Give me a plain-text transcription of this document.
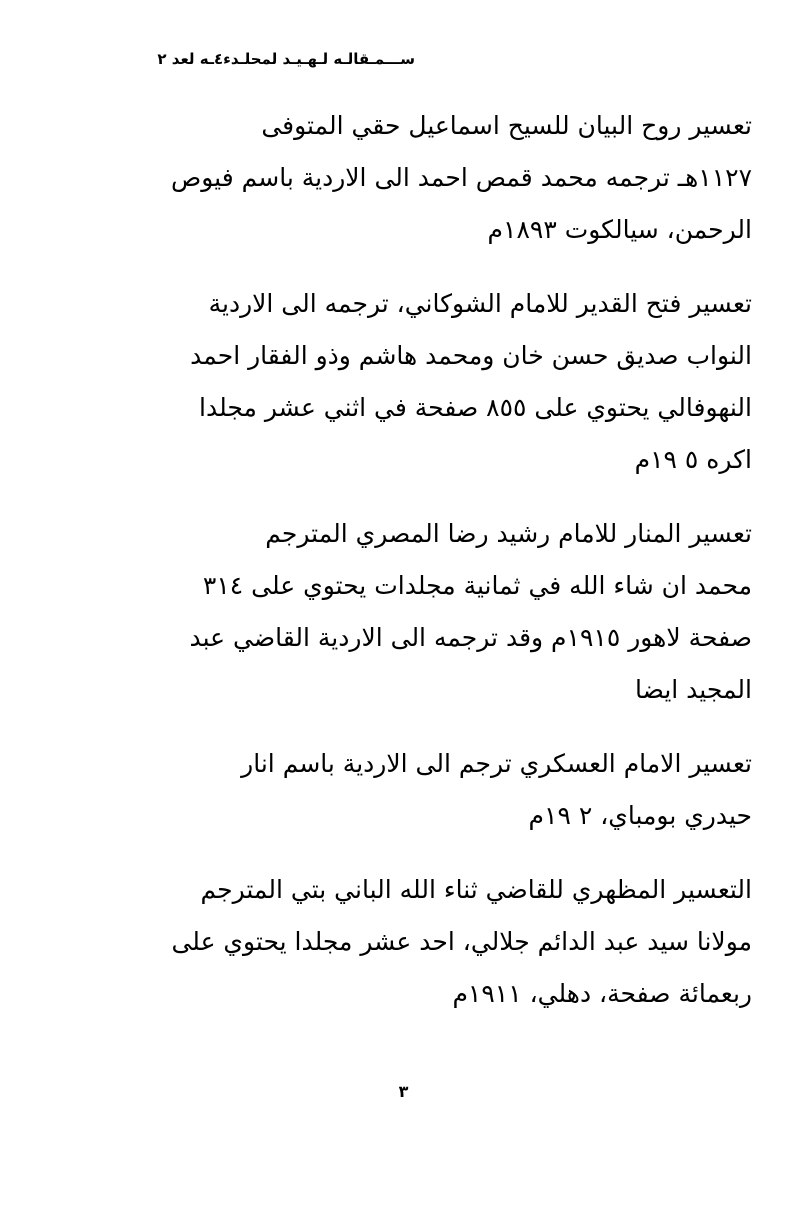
ســـمـقالـه لـهـيـد لمحلـدء٤ـه لعد ٢

تعسير روح البيان للسيح اسماعيل حقي المتوفى
١١٢٧هـ ترجمه محمد قمص احمد الى الاردية باسم فيوص
الرحمن، سيالكوت ١٨٩٣م

تعسير فتح القدير للامام الشوكاني، ترجمه الى الاردية
النواب صديق حسن خان ومحمد هاشم وذو الفقار احمد
النهوفالي يحتوي على ٨٥٥ صفحة في اثني عشر مجلدا
اكره ٥ ١٩م

تعسير المنار للامام رشيد رضا المصري المترجم
محمد ان شاء الله في ثمانية مجلدات يحتوي على ٣١٤
صفحة لاهور ١٩١٥م وقد ترجمه الى الاردية القاضي عبد
المجيد ايضا

تعسير الامام العسكري ترجم الى الاردية باسم انار
حيدري بومباي، ٢ ١٩م

التعسير المظهري للقاضي ثناء الله الباني بتي المترجم
مولانا سيد عبد الدائم جلالي، احد عشر مجلدا يحتوي على
ربعمائة صفحة، دهلي، ١٩١١م

٣
